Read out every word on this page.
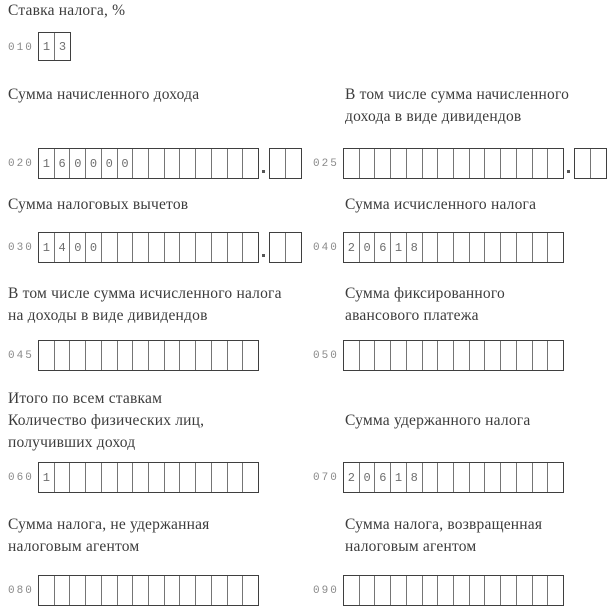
Ставка налога, %
010 1 3
Сумма начисленного дохода	В том числе сумма начисленного
дохода в виде дивидендов
020 1 6 0 0 0 0	025
Сумма налоговых вычетов	Сумма исчисленного налога
030 1 4 0 0	040 2 0 6 1 8
В том числе сумма исчисленного налога
на доходы в виде дивидендов
Сумма фиксированного
авансового платежа
045	050
Итого по всем ставкам
Количество физических лиц,
получивших доход
Сумма удержанного налога
060 1	070 2 0 6 1 8
Сумма налога, не удержанная
налоговым агентом
Сумма налога, возвращенная
налоговым агентом
080	090
